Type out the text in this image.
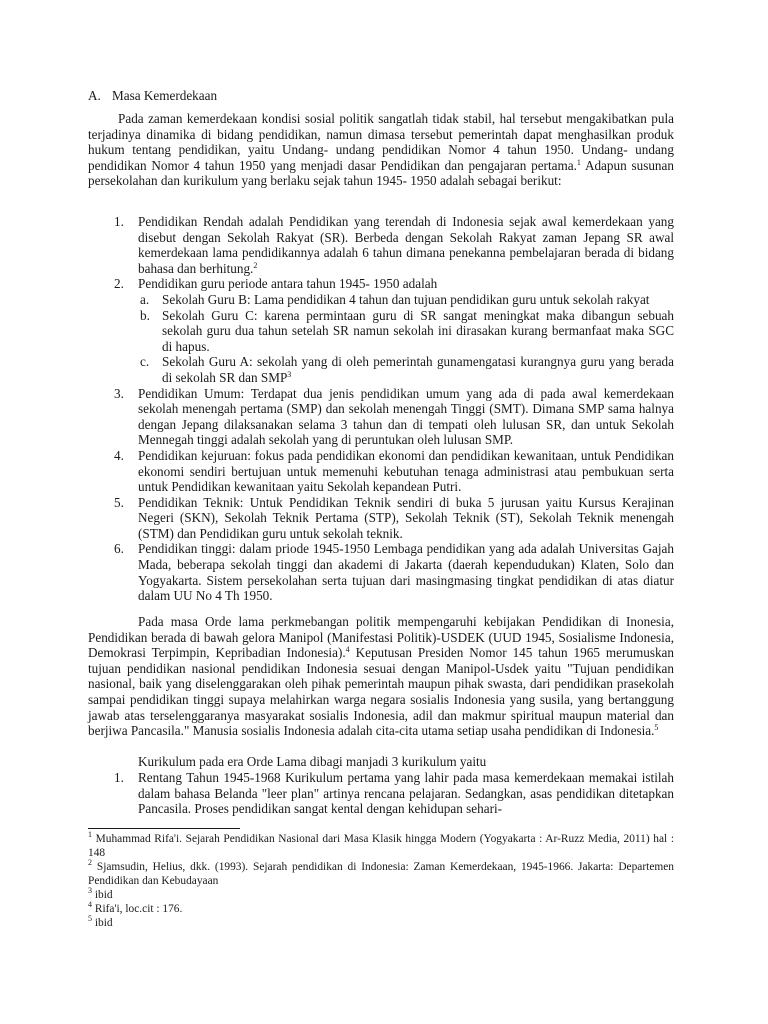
A. Masa Kemerdekaan

Pada zaman kemerdekaan kondisi sosial politik sangatlah tidak stabil, hal tersebut mengakibatkan pula terjadinya dinamika di bidang pendidikan, namun dimasa tersebut pemerintah dapat menghasilkan produk hukum tentang pendidikan, yaitu Undang- undang pendidikan Nomor 4 tahun 1950. Undang- undang pendidikan Nomor 4 tahun 1950 yang menjadi dasar Pendidikan dan pengajaran pertama.$^1$ Adapun susunan persekolahan dan kurikulum yang berlaku sejak tahun 1945- 1950 adalah sebagai berikut:

1. Pendidikan Rendah adalah Pendidikan yang terendah di Indonesia sejak awal kemerdekaan yang disebut dengan Sekolah Rakyat (SR). Berbeda dengan Sekolah Rakyat zaman Jepang SR awal kemerdekaan lama pendidikannya adalah 6 tahun dimana penekanna pembelajaran berada di bidang bahasa dan berhitung.$^2$
2. Pendidikan guru periode antara tahun 1945- 1950 adalah
a. Sekolah Guru B: Lama pendidikan 4 tahun dan tujuan pendidikan guru untuk sekolah rakyat
b. Sekolah Guru C: karena permintaan guru di SR sangat meningkat maka dibangun sebuah sekolah guru dua tahun setelah SR namun sekolah ini dirasakan kurang bermanfaat maka SGC di hapus.
c. Sekolah Guru A: sekolah yang di oleh pemerintah gunamengatasi kurangnya guru yang berada di sekolah SR dan SMP$^3$
3. Pendidikan Umum: Terdapat dua jenis pendidikan umum yang ada di pada awal kemerdekaan sekolah menengah pertama (SMP) dan sekolah menengah Tinggi (SMT). Dimana SMP sama halnya dengan Jepang dilaksanakan selama 3 tahun dan di tempati oleh lulusan SR, dan untuk Sekolah Mennegah tinggi adalah sekolah yang di peruntukan oleh lulusan SMP.
4. Pendidikan kejuruan: fokus pada pendidikan ekonomi dan pendidikan kewanitaan, untuk Pendidikan ekonomi sendiri bertujuan untuk memenuhi kebutuhan tenaga administrasi atau pembukuan serta untuk Pendidikan kewanitaan yaitu Sekolah kepandean Putri.
5. Pendidikan Teknik: Untuk Pendidikan Teknik sendiri di buka 5 jurusan yaitu Kursus Kerajinan Negeri (SKN), Sekolah Teknik Pertama (STP), Sekolah Teknik (ST), Sekolah Teknik menengah (STM) dan Pendidikan guru untuk sekolah teknik.
6. Pendidikan tinggi: dalam priode 1945-1950 Lembaga pendidikan yang ada adalah Universitas Gajah Mada, beberapa sekolah tinggi dan akademi di Jakarta (daerah kependudukan) Klaten, Solo dan Yogyakarta. Sistem persekolahan serta tujuan dari masingmasing tingkat pendidikan di atas diatur dalam UU No 4 Th 1950.

Pada masa Orde lama perkmebangan politik mempengaruhi kebijakan Pendidikan di Inonesia, Pendidikan berada di bawah gelora Manipol (Manifestasi Politik)-USDEK (UUD 1945, Sosialisme Indonesia, Demokrasi Terpimpin, Kepribadian Indonesia).$^4$ Keputusan Presiden Nomor 145 tahun 1965 merumuskan tujuan pendidikan nasional pendidikan Indonesia sesuai dengan Manipol-Usdek yaitu "Tujuan pendidikan nasional, baik yang diselenggarakan oleh pihak pemerintah maupun pihak swasta, dari pendidikan prasekolah sampai pendidikan tinggi supaya melahirkan warga negara sosialis Indonesia yang susila, yang bertanggung jawab atas terselenggaranya masyarakat sosialis Indonesia, adil dan makmur spiritual maupun material dan berjiwa Pancasila." Manusia sosialis Indonesia adalah cita-cita utama setiap usaha pendidikan di Indonesia.$^5$

Kurikulum pada era Orde Lama dibagi manjadi 3 kurikulum yaitu

1. Rentang Tahun 1945-1968 Kurikulum pertama yang lahir pada masa kemerdekaan memakai istilah dalam bahasa Belanda "leer plan" artinya rencana pelajaran. Sedangkan, asas pendidikan ditetapkan Pancasila. Proses pendidikan sangat kental dengan kehidupan sehari-

$^1$ Muhammad Rifa'i. Sejarah Pendidikan Nasional dari Masa Klasik hingga Modern (Yogyakarta : Ar-Ruzz Media, 2011) hal : 148

$^2$ Sjamsudin, Helius, dkk. (1993). Sejarah pendidikan di Indonesia: Zaman Kemerdekaan, 1945-1966. Jakarta: Departemen Pendidikan dan Kebudayaan

$^3$ ibid

$^4$ Rifa'i, loc.cit : 176.

$^5$ ibid
